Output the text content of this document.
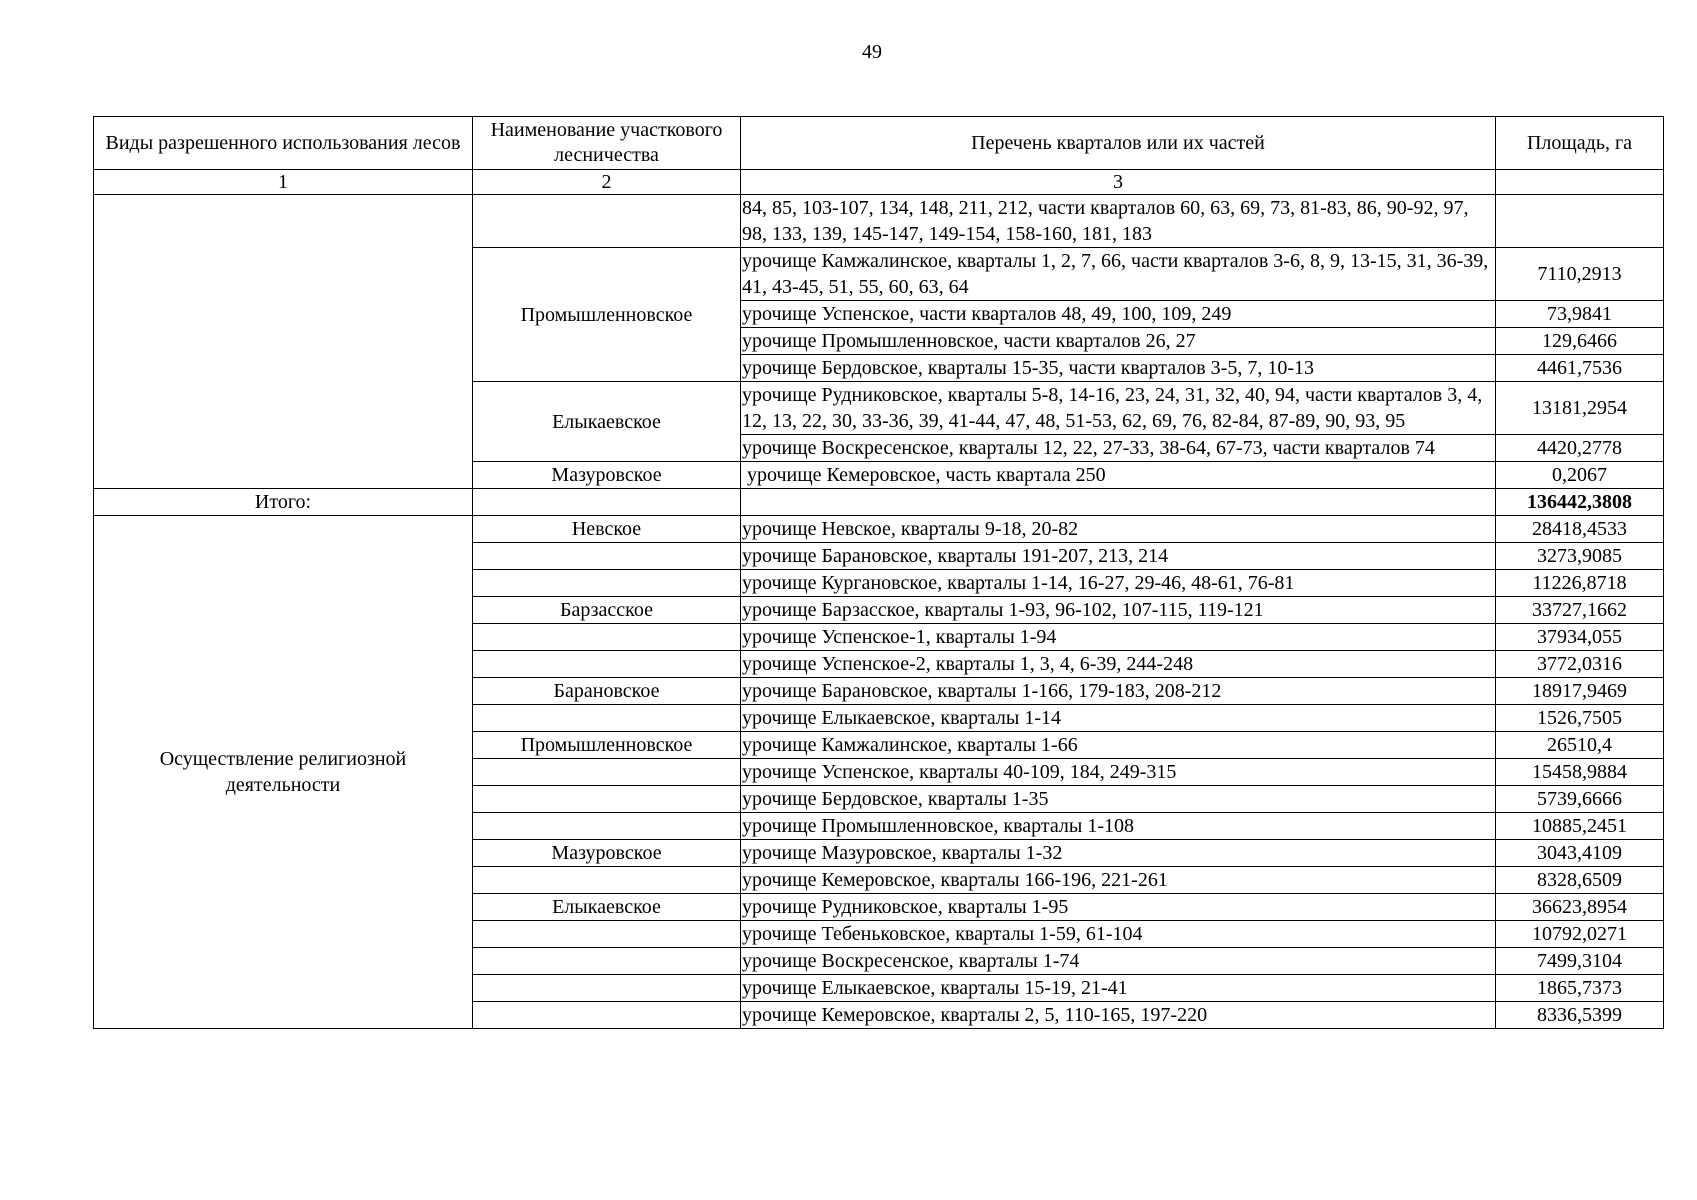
49
Виды разрешенного использования лесов	Наименование участкового лесничества	Перечень кварталов или их частей	Площадь, га
1	2	3	
		84, 85, 103-107, 134, 148, 211, 212, части кварталов 60, 63, 69, 73, 81-83, 86, 90-92, 97, 98, 133, 139, 145-147, 149-154, 158-160, 181, 183	
	Промышленновское	урочище Камжалинское, кварталы 1, 2, 7, 66, части кварталов 3-6, 8, 9, 13-15, 31, 36-39, 41, 43-45, 51, 55, 60, 63, 64	7110,2913
		урочище Успенское, части кварталов 48, 49, 100, 109, 249	73,9841
		урочище Промышленновское, части кварталов 26, 27	129,6466
		урочище Бердовское, кварталы 15-35, части кварталов 3-5, 7, 10-13	4461,7536
	Елыкаевское	урочище Рудниковское, кварталы 5-8, 14-16, 23, 24, 31, 32, 40, 94, части кварталов 3, 4, 12, 13, 22, 30, 33-36, 39, 41-44, 47, 48, 51-53, 62, 69, 76, 82-84, 87-89, 90, 93, 95	13181,2954
		урочище Воскресенское, кварталы 12, 22, 27-33, 38-64, 67-73, части кварталов 74	4420,2778
	Мазуровское	урочище Кемеровское, часть квартала 250	0,2067
Итого:			136442,3808
Осуществление религиозной деятельности	Невское	урочище Невское, кварталы 9-18, 20-82	28418,4533
		урочище Барановское, кварталы 191-207, 213, 214	3273,9085
		урочище Кургановское, кварталы 1-14, 16-27, 29-46, 48-61, 76-81	11226,8718
	Барзасское	урочище Барзасское, кварталы 1-93, 96-102, 107-115, 119-121	33727,1662
		урочище Успенское-1, кварталы 1-94	37934,055
		урочище Успенское-2, кварталы 1, 3, 4, 6-39, 244-248	3772,0316
	Барановское	урочище Барановское, кварталы 1-166, 179-183, 208-212	18917,9469
		урочище Елыкаевское, кварталы 1-14	1526,7505
	Промышленновское	урочище Камжалинское, кварталы 1-66	26510,4
		урочище Успенское, кварталы 40-109, 184, 249-315	15458,9884
		урочище Бердовское, кварталы 1-35	5739,6666
		урочище Промышленновское, кварталы 1-108	10885,2451
	Мазуровское	урочище Мазуровское, кварталы 1-32	3043,4109
		урочище Кемеровское, кварталы 166-196, 221-261	8328,6509
	Елыкаевское	урочище Рудниковское, кварталы 1-95	36623,8954
		урочище Тебеньковское, кварталы 1-59, 61-104	10792,0271
		урочище Воскресенское, кварталы 1-74	7499,3104
		урочище Елыкаевское, кварталы 15-19, 21-41	1865,7373
		урочище Кемеровское, кварталы 2, 5, 110-165, 197-220	8336,5399
